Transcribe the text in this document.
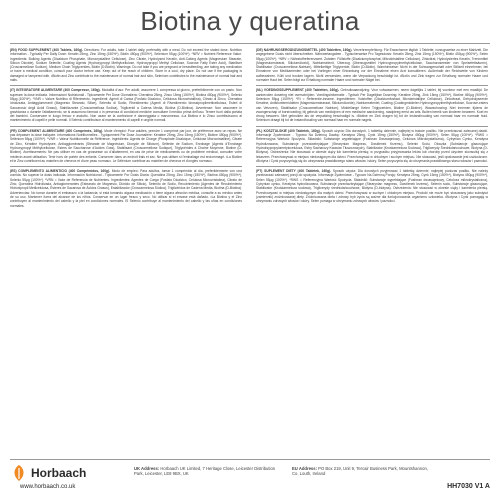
Biotina y queratina

(EN) FOOD SUPPLEMENT (400 Tablets, 160g). Directions: For adults, take 1 tablet daily, preferably with a meal. Do not exceed the stated dose. Nutrition Information - Typically Per Daily Dose: Keratin 25mg, Zinc 15mg (150%*), Biotin 450µg (900%*), Selenium 55µg (100%*). *NRV = Nutrient Reference Value. Ingredients: Bulking Agents (Dicalcium Phosphate, Microcrystalline Cellulose), Zinc Citrate, Hydrolysed Keratin, Anti-Caking Agents (Magnesium Stearate, Silicon Dioxide), Sodium Selenite, Coating Agents (Hydroxypropyl Methylcellulose, Hydroxypropyl Methyl Cellulose, Sucrose Fatty Ester Acid), Stabiliser (Croscarmellose Sodium), Medium Chain Triglycerides, Biotin (D-Biotin). Warnings: Do not take if you are pregnant or breastfeeding, are taking any medication or have a medical condition, consult your doctor before use. Keep out of the reach of children. Store in a cool, dry place. Do not use if the packaging is damaged or tampered with. •Biotin and Zinc contribute to the maintenance of normal hair and skin, Selenium contributes to the maintenance of normal hair and nails.

(IT) INTEGRATORE ALIMENTARE (400 Compresse, 160g). Modalità d'uso: Per adulti, assumere 1 compressa al giorno, preferibilmente con un pasto. Non superare la dose indicata. Informazioni Nutrizionali - Tipicamente Per Dose Giornaliera: Cheratina 25mg, Zinco 15mg (150%*), Biotina 450µg (900%*), Selenio 55µg (100%*). *VNR = Valore Nutritivo di Riferimento. Ingredienti: Agenti di Carica (Fosfato Dicalcico, Cellulosa Microcristallina), Citrato di Zinco, Cheratina Idrolizzata, Antiagglomeranti (Magnesio Stearato, Silice), Selenito di Sodio, Rivestimento (Agenti di Rivestimento Idrossipropilmetilcellulosa, Esteri di Saccarosio degli Acidi Grassi), Stabilizzante (Croscarmellosa Sodica), Trigliceridi a Catena Media, Biotina (D-Biotina). Avvertenze: Non assumere in gravidanza o durante l'allattamento, se si assumono farmaci o in presenza di condizioni mediche consultare il medico prima dell'uso. Tenere fuori dalla portata dei bambini. Conservare in luogo fresco e asciutto. Non usare se la confezione è danneggiata o manomessa. •La Biotina e lo Zinco contribuiscono al mantenimento di capelli e pelle normali. Il Selenio contribuisce al mantenimento di capelli e unghie normali.

(FR) COMPLEMENT ALIMENTAIRE (400 Comprimés, 160g). Mode d'emploi: Pour adultes, prendre 1 comprimé par jour, de préférence avec un repas. Ne pas dépasser la dose indiquée. Informations Nutritionnelles - Typiquement Par Dose Journalière: Kératine 25mg, Zinc 15mg (150%*), Biotine 450µg (900%*), Sélénium 55µg (100%*). *VNR = Valeur Nutritionnelle de Référence. Ingrédients: Agents de Charge (Phosphate Dicalcique, Cellulose Microcristalline), Citrate de Zinc, Kératine Hydrolysée, Antiagglomérants (Stéarate de Magnésium, Dioxyde de Silicium), Sélénite de Sodium, Enrobage (Agents d'Enrobage Hydroxypropyl Méthylcellulose, Esters de Saccharose d'Acides Gras), Stabilisant (Croscarmellose Sodique), Triglycérides à Chaîne Moyenne, Biotine (D-Biotine). Avertissements: Ne pas utiliser en cas de grossesse ou d'allaitement, en cas de prise de médicaments ou de problème médical, consulter votre médecin avant utilisation. Tenir hors de portée des enfants. Conserver dans un endroit frais et sec. Ne pas utiliser si l'emballage est endommagé. •La Biotine et le Zinc contribuent au maintien de cheveux et d'une peau normaux. Le Sélénium contribue au maintien de cheveux et d'ongles normaux.

(ES) COMPLEMENTO ALIMENTICIO (400 Comprimidos, 160g). Modo de empleo: Para adultos, tomar 1 comprimido al día, preferiblemente con una comida. No superar la dosis indicada. Información Nutricional - Típicamente Por Dosis Diaria: Queratina 25mg, Zinc 15mg (150%*), Biotina 450µg (900%*), Selenio 55µg (100%*). *VRN = Valor de Referencia de Nutrientes. Ingredientes: Agentes de Carga (Fosfato Dicálcico, Celulosa Microcristalina), Citrato de Zinc, Queratina Hidrolizada, Antiaglomerantes (Estearato de Magnesio, Dióxido de Silicio), Selenito de Sodio, Recubrimiento (Agentes de Recubrimiento Hidroxipropil Metilcelulosa, Ésteres de Sacarosa de Ácidos Grasos), Estabilizador (Croscarmelosa Sódica), Triglicéridos de Cadena Media, Biotina (D-Biotina). Advertencias: No tomar durante el embarazo o la lactancia; si está tomando alguna medicación o tiene alguna afección médica, consulte a su médico antes de su uso. Mantener fuera del alcance de los niños. Conservar en un lugar fresco y seco. No utilizar si el envase está dañado. •La Biotina y el Zinc contribuyen al mantenimiento del cabello y la piel en condiciones normales. El Selenio contribuye al mantenimiento del cabello y las uñas en condiciones normales.

(DE) NAHRUNGSERGÄNZUNGSMITTEL (400 Tabletten, 160g). Verzehrempfehlung: Für Erwachsene täglich 1 Tablette, vorzugsweise zu einer Mahlzeit. Die angegebene Dosis nicht überschreiten. Nährwertangaben - Typischerweise Pro Tagesdosis: Keratin 25mg, Zink 15mg (150%*), Biotin 450µg (900%*), Selen 55µg (100%*). *NRV = Nährstoffreferenzwert. Zutaten: Füllstoffe (Dicalciumphosphat, Mikrokristalline Cellulose), Zinkcitrat, Hydrolysiertes Keratin, Trennmittel (Magnesiumstearat, Siliciumdioxid), Natriumselenit, Überzug (Überzugsmittel Hydroxypropylmethylcellulose, Saccharoseester von Speisefettsäuren), Stabilisator (Croscarmellose-Natrium), Mittelkettige Triglyceride, Biotin (D-Biotin). Warnhinweise: Nicht in der Schwangerschaft oder Stillzeit einnehmen; bei Einnahme von Medikamenten oder bei Vorliegen einer Erkrankung vor der Einnahme einen Arzt konsultieren. Außerhalb der Reichweite von Kindern aufbewahren. Kühl und trocken lagern. Nicht verwenden, wenn die Verpackung beschädigt ist. •Biotin und Zink tragen zur Erhaltung normaler Haare und normaler Haut bei. Selen trägt zur Erhaltung normaler Haare und normaler Nägel bei.

(NL) VOEDINGSSUPPLEMENT (400 Tabletten, 160g). Gebruiksaanwijzing: Voor volwassenen, neem dagelijks 1 tablet, bij voorkeur met een maaltijd. De aanbevolen dosering niet overschrijden. Voedingsinformatie - Typisch Per Dagelijkse Dosering: Keratine 25mg, Zink 15mg (150%*), Biotine 450µg (900%*), Selenium 55µg (100%*). *RI = Referentie-inname. Ingrediënten: Vulstoffen (Dicalciumfosfaat, Microkristallijne Cellulose), Zinkcitraat, Gehydrolyseerde Keratine, Antiklontermiddelen (Magnesiumstearaat, Siliciumdioxide), Natriumseleniet, Coating (Coatingmiddelen Hydroxypropylmethylcellulose, Sucrose-esters van Vetzuren), Stabilisator (Croscarmellose Natrium), Middellange Keten Triglyceriden, Biotine (D-Biotine). Waarschuwing: Niet innemen tijdens de zwangerschap of borstvoeding; bij gebruik van medicijnen of een medische aandoening, raadpleeg eerst uw arts. Buiten bereik van kinderen bewaren. Koel en droog bewaren. Niet gebruiken als de verpakking beschadigd is. •Biotine en Zink dragen bij tot de instandhouding van normaal haar en normale huid. Selenium draagt bij tot de instandhouding van normaal haar en normale nagels.

(PL) KOSZTULSKIE (400 Tabletek, 160g). Sposób użycia: Dla dorosłych, 1 tabletkę dziennie, najlepiej w trakcie posiłku. Nie przekraczać zalecanej dawki. Informacje Żywieniowe - Typowo Na Dzienną Dawkę: Keratyna 25mg, Cynk 15mg (150%*), Biotyna 450µg (900%*), Selen 55µg (100%*). *RWS = Referencyjna Wartość Spożycia. Składniki: Substancje wypełniające (Fosforan Dwuwapniowy, Celuloza Mikrokrystaliczna), Cytrynian Cynku, Keratyna Hydrolizowana, Substancje przeciwzbrylające (Stearynian Magnezu, Dwutlenek Krzemu), Selenin Sodu, Otoczka (Substancje glazurujące Hydroksypropylometyloceluloza, Estry Sacharozy Kwasów Tłuszczowych), Stabilizator (Kroskarmeloza Sodowa), Triglicerydy Średniołańcuchowe, Biotyna (D-Biotyna). Ostrzeżenia: Nie stosować w okresie ciąży lub karmienia piersią; w przypadku przyjmowania leków lub choroby przed użyciem skonsultuj się z lekarzem. Przechowywać w miejscu niedostępnym dla dzieci. Przechowywać w chłodnym i suchym miejscu. Nie stosować, jeśli opakowanie jest uszkodzone. •Biotyna i Cynk przyczyniają się do utrzymania prawidłowego stanu włosów i skóry. Selen przyczynia się do utrzymania prawidłowego stanu włosów i paznokci.

(PT) SUPLEMENT DIETY (400 Tabletek, 160g). Sposób użycia: Dla dorosłych przyjmować 1 tabletkę dziennie, najlepiej podczas posiłku. Nie należy przekraczać zalecanej porcji do spożycia. Informacje Żywieniowe - Typowo Na Dzienną Porcję: Keratyna 25mg, Cynk 15mg (150%*), Biotyna 450µg (900%*), Selen 55µg (100%*). *RWS = Referencyjna Wartość Spożycia. Składniki: Substancje wypełniające (Fosforan dwuwapniowy, Celuloza mikrokrystaliczna), Cytrynian cynku, Keratyna hydrolizowana, Substancje przeciwzbrylające (Stearynian magnezu, Dwutlenek krzemu), Selenin sodu, Substancje glazurujące, Stabilizator (Kroskarmeloza sodowa), Triglicerydy średniołańcuchowe, Biotyna (D-biotyna). Ostrzeżenia: Nie stosować w okresie ciąży i karmienia piersią. Przechowywać w miejscu niedostępnym dla małych dzieci. Przechowywać w suchym i chłodnym miejscu. Produkt nie może być stosowany jako substytut (zamiennik) zróżnicowanej diety. Zróżnicowana dieta i zdrowy tryb życia są ważne dla funkcjonowania organizmu człowieka. •Biotyna i Cynk pomagają w utrzymaniu zdrowych włosów i skóry. Selen pomaga w utrzymaniu zdrowych włosów i paznokci.

Horbaach
www.horbaach.co.uk
UK Address: Horbaach UK Limited, 7 Heritage Close, Leicester Distribution Park, Leicester, LE8 9BX, UK
EU Address: PO Box 219, Unit 9, Tercair Business Park, Mountshannon, Co. Louth, Ireland
HH7030 V1 A
